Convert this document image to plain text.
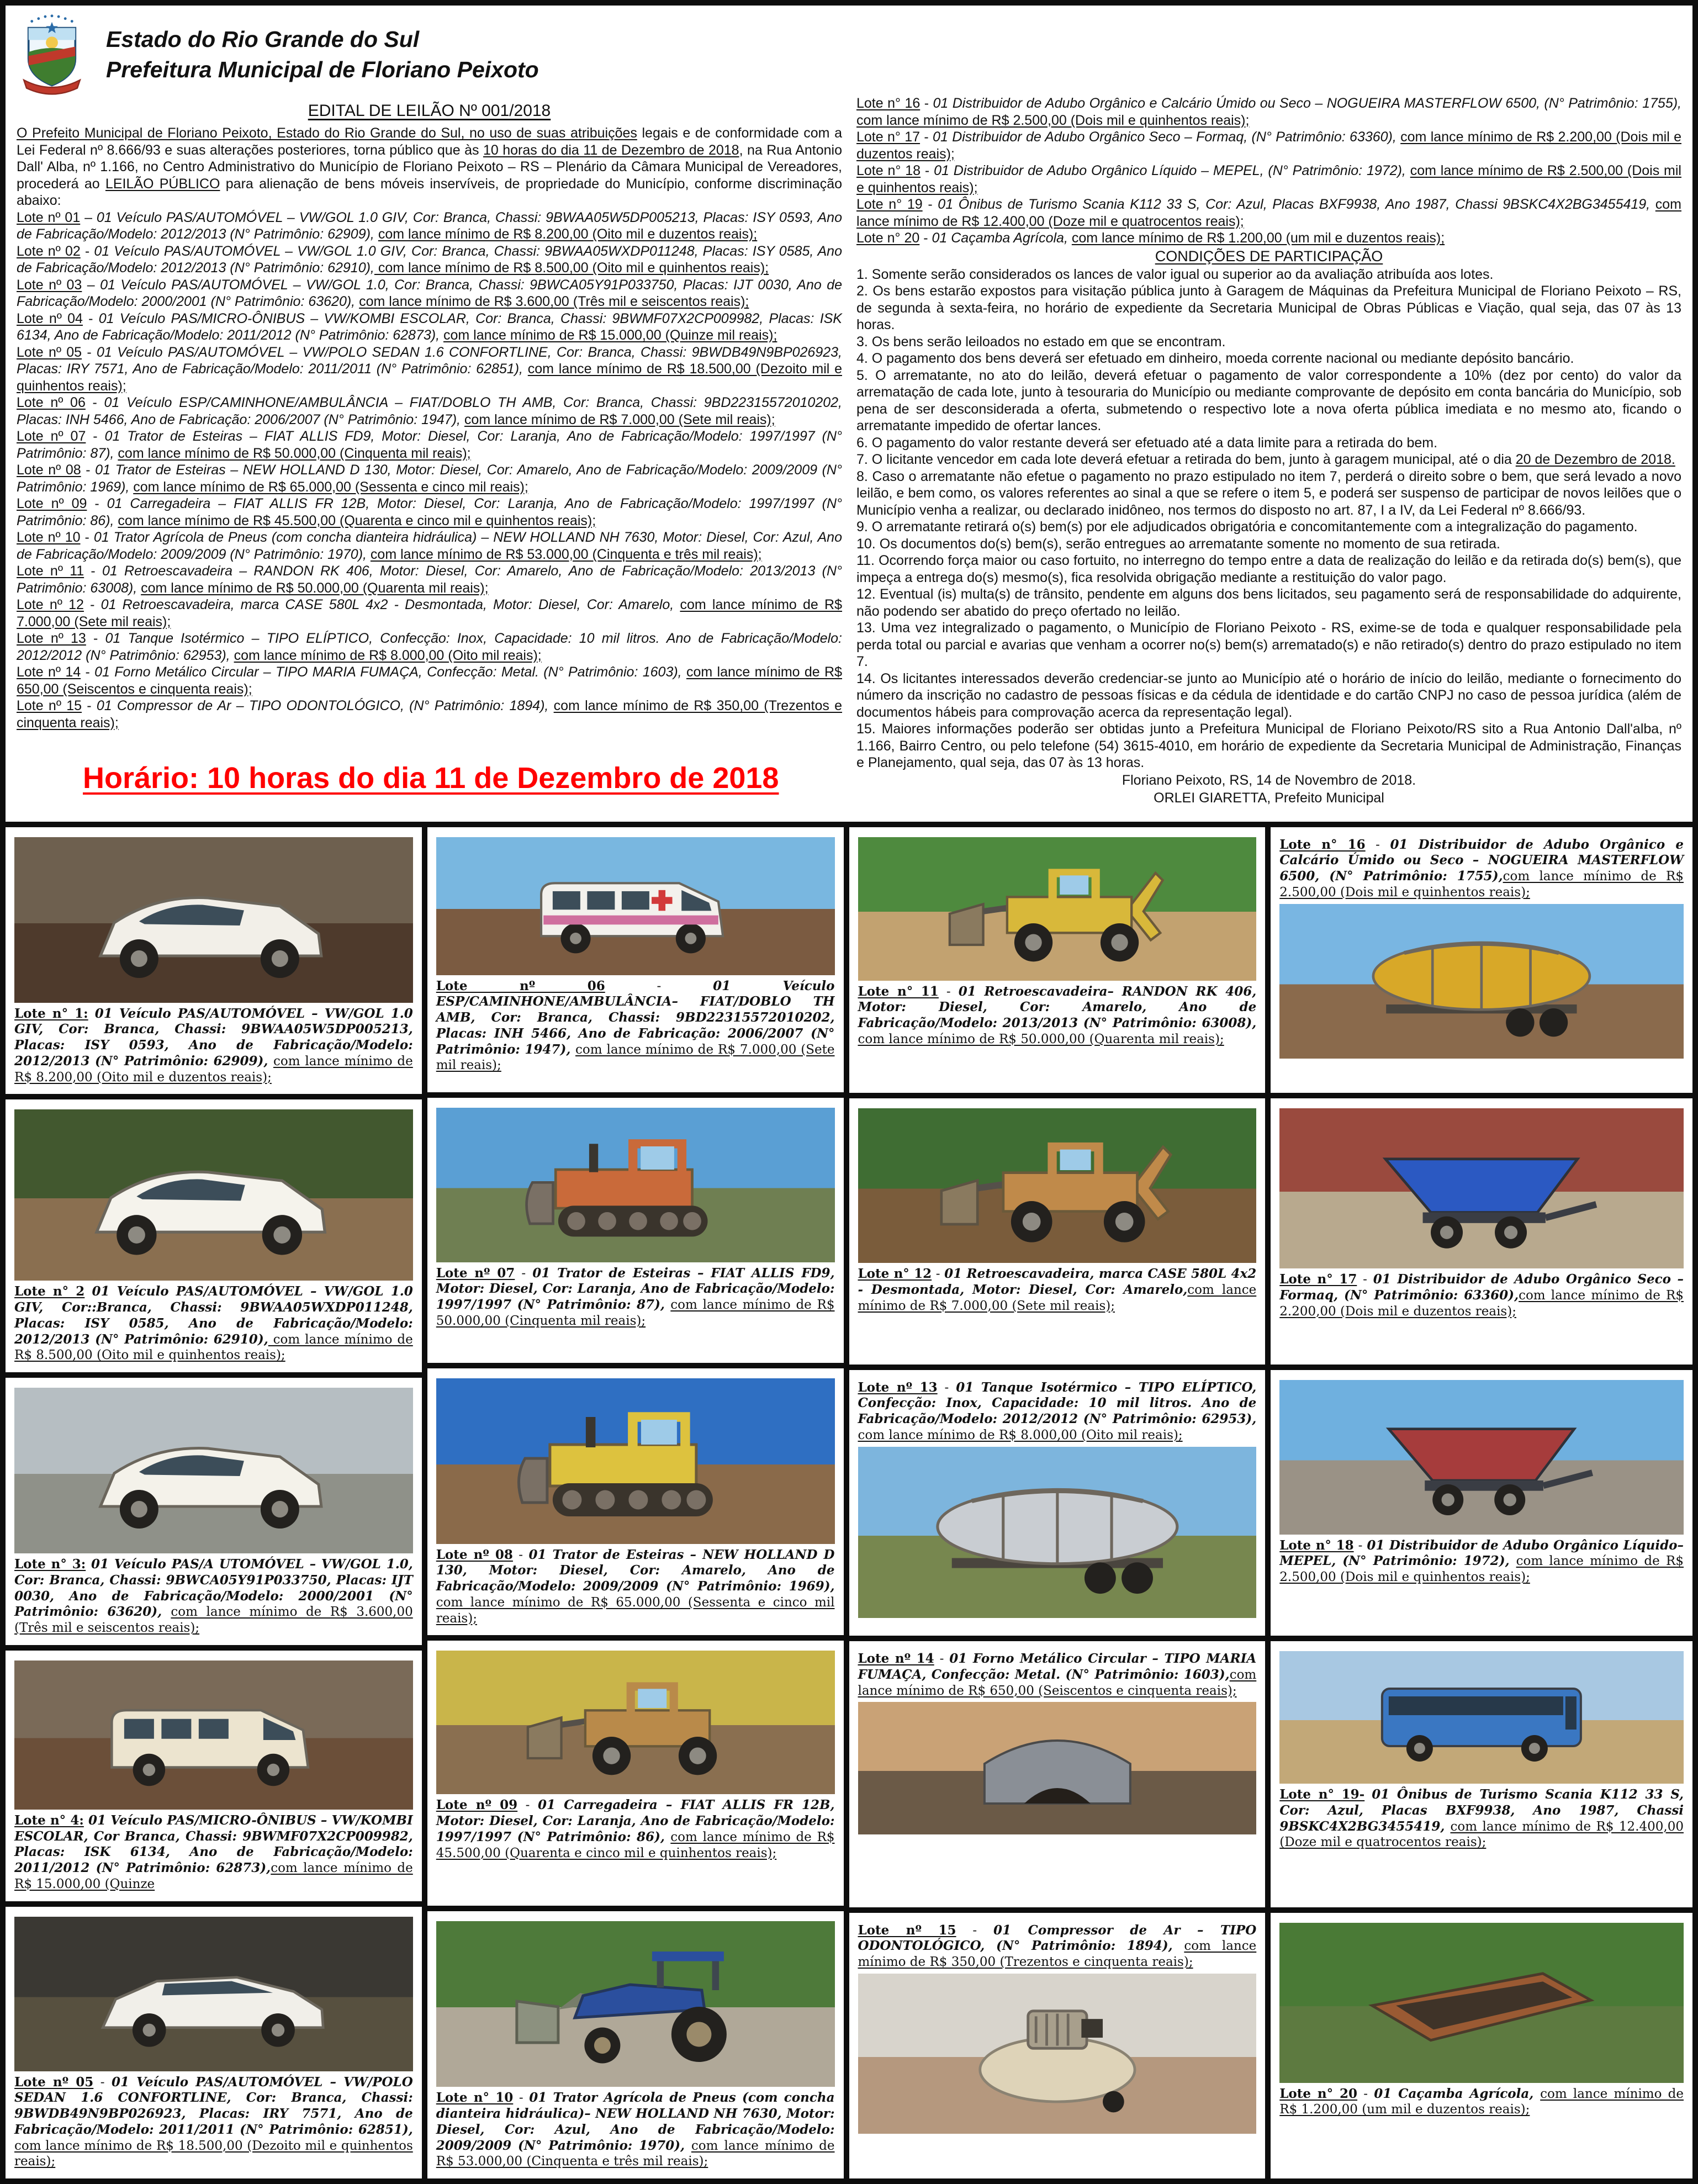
Estado do Rio Grande do Sul
Prefeitura Municipal de Floriano Peixoto
EDITAL DE LEILÃO Nº 001/2018

O Prefeito Municipal de Floriano Peixoto, Estado do Rio Grande do Sul, no uso de suas atribuições legais e de conformidade com a Lei Federal nº 8.666/93 e suas alterações posteriores, torna público que às 10 horas do dia 11 de Dezembro de 2018, na Rua Antonio Dall' Alba, nº 1.166, no Centro Administrativo do Município de Floriano Peixoto – RS – Plenário da Câmara Municipal de Vereadores, procederá ao LEILÃO PÚBLICO para alienação de bens móveis inservíveis, de propriedade do Município, conforme discriminação abaixo:

Lote nº 01 – 01 Veículo PAS/AUTOMÓVEL – VW/GOL 1.0 GIV, Cor: Branca, Chassi: 9BWAA05W5DP005213, Placas: ISY 0593, Ano de Fabricação/Modelo: 2012/2013 (N° Patrimônio: 62909), com lance mínimo de R$ 8.200,00 (Oito mil e duzentos reais);

Lote nº 02 - 01 Veículo PAS/AUTOMÓVEL – VW/GOL 1.0 GIV, Cor: Branca, Chassi: 9BWAA05WXDP011248, Placas: ISY 0585, Ano de Fabricação/Modelo: 2012/2013 (N° Patrimônio: 62910), com lance mínimo de R$ 8.500,00 (Oito mil e quinhentos reais);

Lote nº 03 – 01 Veículo PAS/AUTOMÓVEL – VW/GOL 1.0, Cor: Branca, Chassi: 9BWCA05Y91P033750, Placas: IJT 0030, Ano de Fabricação/Modelo: 2000/2001 (N° Patrimônio: 63620), com lance mínimo de R$ 3.600,00 (Três mil e seiscentos reais);

Lote nº 04 - 01 Veículo PAS/MICRO-ÔNIBUS – VW/KOMBI ESCOLAR, Cor: Branca, Chassi: 9BWMF07X2CP009982, Placas: ISK 6134, Ano de Fabricação/Modelo: 2011/2012 (N° Patrimônio: 62873), com lance mínimo de R$ 15.000,00 (Quinze mil reais);

Lote nº 05 - 01 Veículo PAS/AUTOMÓVEL – VW/POLO SEDAN 1.6 CONFORTLINE, Cor: Branca, Chassi: 9BWDB49N9BP026923, Placas: IRY 7571, Ano de Fabricação/Modelo: 2011/2011 (N° Patrimônio: 62851), com lance mínimo de R$ 18.500,00 (Dezoito mil e quinhentos reais);

Lote nº 06 - 01 Veículo ESP/CAMINHONE/AMBULÂNCIA – FIAT/DOBLO TH AMB, Cor: Branca, Chassi: 9BD22315572010202, Placas: INH 5466, Ano de Fabricação: 2006/2007 (N° Patrimônio: 1947), com lance mínimo de R$ 7.000,00 (Sete mil reais);

Lote nº 07 - 01 Trator de Esteiras – FIAT ALLIS FD9, Motor: Diesel, Cor: Laranja, Ano de Fabricação/Modelo: 1997/1997 (N° Patrimônio: 87), com lance mínimo de R$ 50.000,00 (Cinquenta mil reais);

Lote nº 08 - 01 Trator de Esteiras – NEW HOLLAND D 130, Motor: Diesel, Cor: Amarelo, Ano de Fabricação/Modelo: 2009/2009 (N° Patrimônio: 1969), com lance mínimo de R$ 65.000,00 (Sessenta e cinco mil reais);

Lote nº 09 - 01 Carregadeira – FIAT ALLIS FR 12B, Motor: Diesel, Cor: Laranja, Ano de Fabricação/Modelo: 1997/1997 (N° Patrimônio: 86), com lance mínimo de R$ 45.500,00 (Quarenta e cinco mil e quinhentos reais);

Lote nº 10 - 01 Trator Agrícola de Pneus (com concha dianteira hidráulica) – NEW HOLLAND NH 7630, Motor: Diesel, Cor: Azul, Ano de Fabricação/Modelo: 2009/2009 (N° Patrimônio: 1970), com lance mínimo de R$ 53.000,00 (Cinquenta e três mil reais);

Lote nº 11 - 01 Retroescavadeira – RANDON RK 406, Motor: Diesel, Cor: Amarelo, Ano de Fabricação/Modelo: 2013/2013 (N° Patrimônio: 63008), com lance mínimo de R$ 50.000,00 (Quarenta mil reais);

Lote nº 12 - 01 Retroescavadeira, marca CASE 580L 4x2 - Desmontada, Motor: Diesel, Cor: Amarelo, com lance mínimo de R$ 7.000,00 (Sete mil reais);

Lote nº 13 - 01 Tanque Isotérmico – TIPO ELÍPTICO, Confecção: Inox, Capacidade: 10 mil litros. Ano de Fabricação/Modelo: 2012/2012 (N° Patrimônio: 62953), com lance mínimo de R$ 8.000,00 (Oito mil reais);

Lote nº 14 - 01 Forno Metálico Circular – TIPO MARIA FUMAÇA, Confecção: Metal. (N° Patrimônio: 1603), com lance mínimo de R$ 650,00 (Seiscentos e cinquenta reais);

Lote nº 15 - 01 Compressor de Ar – TIPO ODONTOLÓGICO, (N° Patrimônio: 1894), com lance mínimo de R$ 350,00 (Trezentos e cinquenta reais);

Horário: 10 horas do dia 11 de Dezembro de 2018

Lote n° 16 - 01 Distribuidor de Adubo Orgânico e Calcário Úmido ou Seco – NOGUEIRA MASTERFLOW 6500, (N° Patrimônio: 1755), com lance mínimo de R$ 2.500,00 (Dois mil e quinhentos reais);

Lote n° 17 - 01 Distribuidor de Adubo Orgânico Seco – Formaq, (N° Patrimônio: 63360), com lance mínimo de R$ 2.200,00 (Dois mil e duzentos reais);

Lote n° 18 - 01 Distribuidor de Adubo Orgânico Líquido – MEPEL, (N° Patrimônio: 1972), com lance mínimo de R$ 2.500,00 (Dois mil e quinhentos reais);

Lote n° 19 - 01 Ônibus de Turismo Scania K112 33 S, Cor: Azul, Placas BXF9938, Ano 1987, Chassi 9BSKC4X2BG3455419, com lance mínimo de R$ 12.400,00 (Doze mil e quatrocentos reais);

Lote n° 20 - 01 Caçamba Agrícola, com lance mínimo de R$ 1.200,00 (um mil e duzentos reais);

CONDIÇÕES DE PARTICIPAÇÃO

1. Somente serão considerados os lances de valor igual ou superior ao da avaliação atribuída aos lotes.

2. Os bens estarão expostos para visitação pública junto à Garagem de Máquinas da Prefeitura Municipal de Floriano Peixoto – RS, de segunda à sexta-feira, no horário de expediente da Secretaria Municipal de Obras Públicas e Viação, qual seja, das 07 às 13 horas.

3. Os bens serão leiloados no estado em que se encontram.

4. O pagamento dos bens deverá ser efetuado em dinheiro, moeda corrente nacional ou mediante depósito bancário.

5. O arrematante, no ato do leilão, deverá efetuar o pagamento de valor correspondente a 10% (dez por cento) do valor da arrematação de cada lote, junto à tesouraria do Município ou mediante comprovante de depósito em conta bancária do Município, sob pena de ser desconsiderada a oferta, submetendo o respectivo lote a nova oferta pública imediata e no mesmo ato, ficando o arrematante impedido de ofertar lances.

6. O pagamento do valor restante deverá ser efetuado até a data limite para a retirada do bem.

7. O licitante vencedor em cada lote deverá efetuar a retirada do bem, junto à garagem municipal, até o dia 20 de Dezembro de 2018.

8. Caso o arrematante não efetue o pagamento no prazo estipulado no item 7, perderá o direito sobre o bem, que será levado a novo leilão, e bem como, os valores referentes ao sinal a que se refere o item 5, e poderá ser suspenso de participar de novos leilões que o Município venha a realizar, ou declarado inidôneo, nos termos do disposto no art. 87, I a IV, da Lei Federal nº 8.666/93.

9. O arrematante retirará o(s) bem(s) por ele adjudicados obrigatória e concomitantemente com a integralização do pagamento.

10. Os documentos do(s) bem(s), serão entregues ao arrematante somente no momento de sua retirada.

11. Ocorrendo força maior ou caso fortuito, no interregno do tempo entre a data de realização do leilão e da retirada do(s) bem(s), que impeça a entrega do(s) mesmo(s), fica resolvida obrigação mediante a restituição do valor pago.

12. Eventual (is) multa(s) de trânsito, pendente em alguns dos bens licitados, seu pagamento será de responsabilidade do adquirente, não podendo ser abatido do preço ofertado no leilão.

13. Uma vez integralizado o pagamento, o Município de Floriano Peixoto - RS, exime-se de toda e qualquer responsabilidade pela perda total ou parcial e avarias que venham a ocorrer no(s) bem(s) arrematado(s) e não retirado(s) dentro do prazo estipulado no item 7.

14. Os licitantes interessados deverão credenciar-se junto ao Município até o horário de início do leilão, mediante o fornecimento do número da inscrição no cadastro de pessoas físicas e da cédula de identidade e do cartão CNPJ no caso de pessoa jurídica (além de documentos hábeis para comprovação acerca da representação legal).

15. Maiores informações poderão ser obtidas junto a Prefeitura Municipal de Floriano Peixoto/RS sito a Rua Antonio Dall'alba, nº 1.166, Bairro Centro, ou pelo telefone (54) 3615-4010, em horário de expediente da Secretaria Municipal de Administração, Finanças e Planejamento, qual seja, das 07 às 13 horas.

Floriano Peixoto, RS, 14 de Novembro de 2018.
ORLEI GIARETTA, Prefeito Municipal
Lote n° 1: 01 Veículo PAS/AUTOMÓVEL – VW/GOL 1.0 GIV, Cor: Branca, Chassi: 9BWAA05W5DP005213, Placas: ISY 0593, Ano de Fabricação/Modelo: 2012/2013 (N° Patrimônio: 62909), com lance mínimo de R$ 8.200,00 (Oito mil e duzentos reais);
Lote n° 2 01 Veículo PAS/AUTOMÓVEL – VW/GOL 1.0 GIV, Cor::Branca, Chassi: 9BWAA05WXDP011248, Placas: ISY 0585, Ano de Fabricação/Modelo: 2012/2013 (N° Patrimônio: 62910), com lance mínimo de R$ 8.500,00 (Oito mil e quinhentos reais);
Lote n° 3: 01 Veículo PAS/A UTOMÓVEL – VW/GOL 1.0, Cor: Branca, Chassi: 9BWCA05Y91P033750, Placas: IJT 0030, Ano de Fabricação/Modelo: 2000/2001 (N° Patrimônio: 63620), com lance mínimo de R$ 3.600,00 (Três mil e seiscentos reais);
Lote n° 4: 01 Veículo PAS/MICRO-ÔNIBUS – VW/KOMBI ESCOLAR, Cor Branca, Chassi: 9BWMF07X2CP009982, Placas: ISK 6134, Ano de Fabricação/Modelo: 2011/2012 (N° Patrimônio: 62873),com lance mínimo de R$ 15.000,00 (Quinze
Lote nº 05 - 01 Veículo PAS/AUTOMÓVEL – VW/POLO SEDAN 1.6 CONFORTLINE, Cor: Branca, Chassi: 9BWDB49N9BP026923, Placas: IRY 7571, Ano de Fabricação/Modelo: 2011/2011 (N° Patrimônio: 62851), com lance mínimo de R$ 18.500,00 (Dezoito mil e quinhentos reais);
Lote nº 06 - 01 Veículo ESP/CAMINHONE/AMBULÂNCIA– FIAT/DOBLO TH AMB, Cor: Branca, Chassi: 9BD22315572010202, Placas: INH 5466, Ano de Fabricação: 2006/2007 (N° Patrimônio: 1947), com lance mínimo de R$ 7.000,00 (Sete mil reais);
Lote nº 07 - 01 Trator de Esteiras – FIAT ALLIS FD9, Motor: Diesel, Cor: Laranja, Ano de Fabricação/Modelo: 1997/1997 (N° Patrimônio: 87), com lance mínimo de R$ 50.000,00 (Cinquenta mil reais);
Lote nº 08 - 01 Trator de Esteiras – NEW HOLLAND D 130, Motor: Diesel, Cor: Amarelo, Ano de Fabricação/Modelo: 2009/2009 (N° Patrimônio: 1969), com lance mínimo de R$ 65.000,00 (Sessenta e cinco mil reais);
Lote nº 09 - 01 Carregadeira – FIAT ALLIS FR 12B, Motor: Diesel, Cor: Laranja, Ano de Fabricação/Modelo: 1997/1997 (N° Patrimônio: 86), com lance mínimo de R$ 45.500,00 (Quarenta e cinco mil e quinhentos reais);
Lote n° 10 - 01 Trator Agrícola de Pneus (com concha dianteira hidráulica)– NEW HOLLAND NH 7630, Motor: Diesel, Cor: Azul, Ano de Fabricação/Modelo: 2009/2009 (N° Patrimônio: 1970), com lance mínimo de R$ 53.000,00 (Cinquenta e três mil reais);
Lote n° 11 - 01 Retroescavadeira– RANDON RK 406, Motor: Diesel, Cor: Amarelo, Ano de Fabricação/Modelo: 2013/2013 (N° Patrimônio: 63008), com lance mínimo de R$ 50.000,00 (Quarenta mil reais);
Lote n° 12 - 01 Retroescavadeira, marca CASE 580L 4x2 - Desmontada, Motor: Diesel, Cor: Amarelo,com lance mínimo de R$ 7.000,00 (Sete mil reais);
Lote nº 13 - 01 Tanque Isotérmico – TIPO ELÍPTICO, Confecção: Inox, Capacidade: 10 mil litros. Ano de Fabricação/Modelo: 2012/2012 (N° Patrimônio: 62953), com lance mínimo de R$ 8.000,00 (Oito mil reais);
Lote nº 14 - 01 Forno Metálico Circular – TIPO MARIA FUMAÇA, Confecção: Metal. (N° Patrimônio: 1603),com lance mínimo de R$ 650,00 (Seiscentos e cinquenta reais);
Lote nº 15 - 01 Compressor de Ar – TIPO ODONTOLÓGICO, (N° Patrimônio: 1894), com lance mínimo de R$ 350,00 (Trezentos e cinquenta reais);
Lote n° 16 - 01 Distribuidor de Adubo Orgânico e Calcário Úmido ou Seco – NOGUEIRA MASTERFLOW 6500, (N° Patrimônio: 1755),com lance mínimo de R$ 2.500,00 (Dois mil e quinhentos reais);
Lote n° 17 - 01 Distribuidor de Adubo Orgânico Seco – Formaq, (N° Patrimônio: 63360),com lance mínimo de R$ 2.200,00 (Dois mil e duzentos reais);
Lote n° 18 - 01 Distribuidor de Adubo Orgânico Líquido– MEPEL, (N° Patrimônio: 1972), com lance mínimo de R$ 2.500,00 (Dois mil e quinhentos reais);
Lote n° 19- 01 Ônibus de Turismo Scania K112 33 S, Cor: Azul, Placas BXF9938, Ano 1987, Chassi 9BSKC4X2BG3455419, com lance mínimo de R$ 12.400,00 (Doze mil e quatrocentos reais);
Lote n° 20 - 01 Caçamba Agrícola, com lance mínimo de R$ 1.200,00 (um mil e duzentos reais);
